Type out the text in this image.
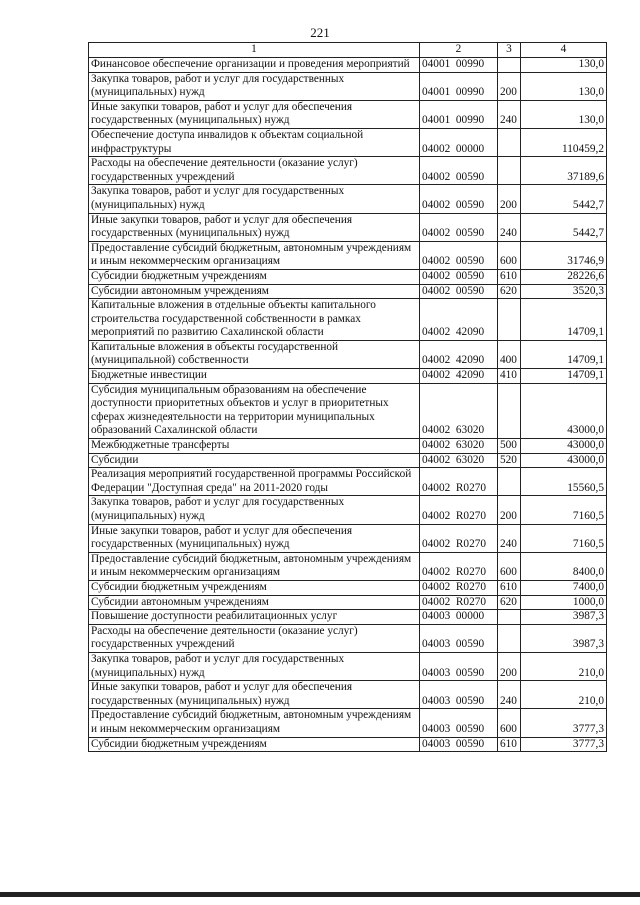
221
1	2	3	4
Финансовое обеспечение организации и проведения мероприятий	04001  00990		130,0
Закупка товаров, работ и услуг для государственных (муниципальных) нужд	04001  00990	200	130,0
Иные закупки товаров, работ и услуг для обеспечения государственных (муниципальных) нужд	04001  00990	240	130,0
Обеспечение доступа инвалидов к объектам социальной инфраструктуры	04002  00000		110459,2
Расходы на обеспечение деятельности (оказание услуг) государственных учреждений	04002  00590		37189,6
Закупка товаров, работ и услуг для государственных (муниципальных) нужд	04002  00590	200	5442,7
Иные закупки товаров, работ и услуг для обеспечения государственных (муниципальных) нужд	04002  00590	240	5442,7
Предоставление субсидий бюджетным, автономным учреждениям и иным некоммерческим организациям	04002  00590	600	31746,9
Субсидии бюджетным учреждениям	04002  00590	610	28226,6
Субсидии автономным учреждениям	04002  00590	620	3520,3
Капитальные вложения в отдельные объекты капитального строительства государственной собственности в рамках мероприятий по развитию Сахалинской области	04002  42090		14709,1
Капитальные вложения в объекты государственной (муниципальной) собственности	04002  42090	400	14709,1
Бюджетные инвестиции	04002  42090	410	14709,1
Субсидия муниципальным образованиям на обеспечение доступности приоритетных объектов и услуг в приоритетных сферах жизнедеятельности на территории муниципальных образований Сахалинской области	04002  63020		43000,0
Межбюджетные трансферты	04002  63020	500	43000,0
Субсидии	04002  63020	520	43000,0
Реализация мероприятий государственной программы Российской Федерации "Доступная среда" на 2011-2020 годы	04002  R0270		15560,5
Закупка товаров, работ и услуг для государственных (муниципальных) нужд	04002  R0270	200	7160,5
Иные закупки товаров, работ и услуг для обеспечения государственных (муниципальных) нужд	04002  R0270	240	7160,5
Предоставление субсидий бюджетным, автономным учреждениям и иным некоммерческим организациям	04002  R0270	600	8400,0
Субсидии бюджетным учреждениям	04002  R0270	610	7400,0
Субсидии автономным учреждениям	04002  R0270	620	1000,0
Повышение доступности реабилитационных услуг	04003  00000		3987,3
Расходы на обеспечение деятельности (оказание услуг) государственных учреждений	04003  00590		3987,3
Закупка товаров, работ и услуг для государственных (муниципальных) нужд	04003  00590	200	210,0
Иные закупки товаров, работ и услуг для обеспечения государственных (муниципальных) нужд	04003  00590	240	210,0
Предоставление субсидий бюджетным, автономным учреждениям и иным некоммерческим организациям	04003  00590	600	3777,3
Субсидии бюджетным учреждениям	04003  00590	610	3777,3
